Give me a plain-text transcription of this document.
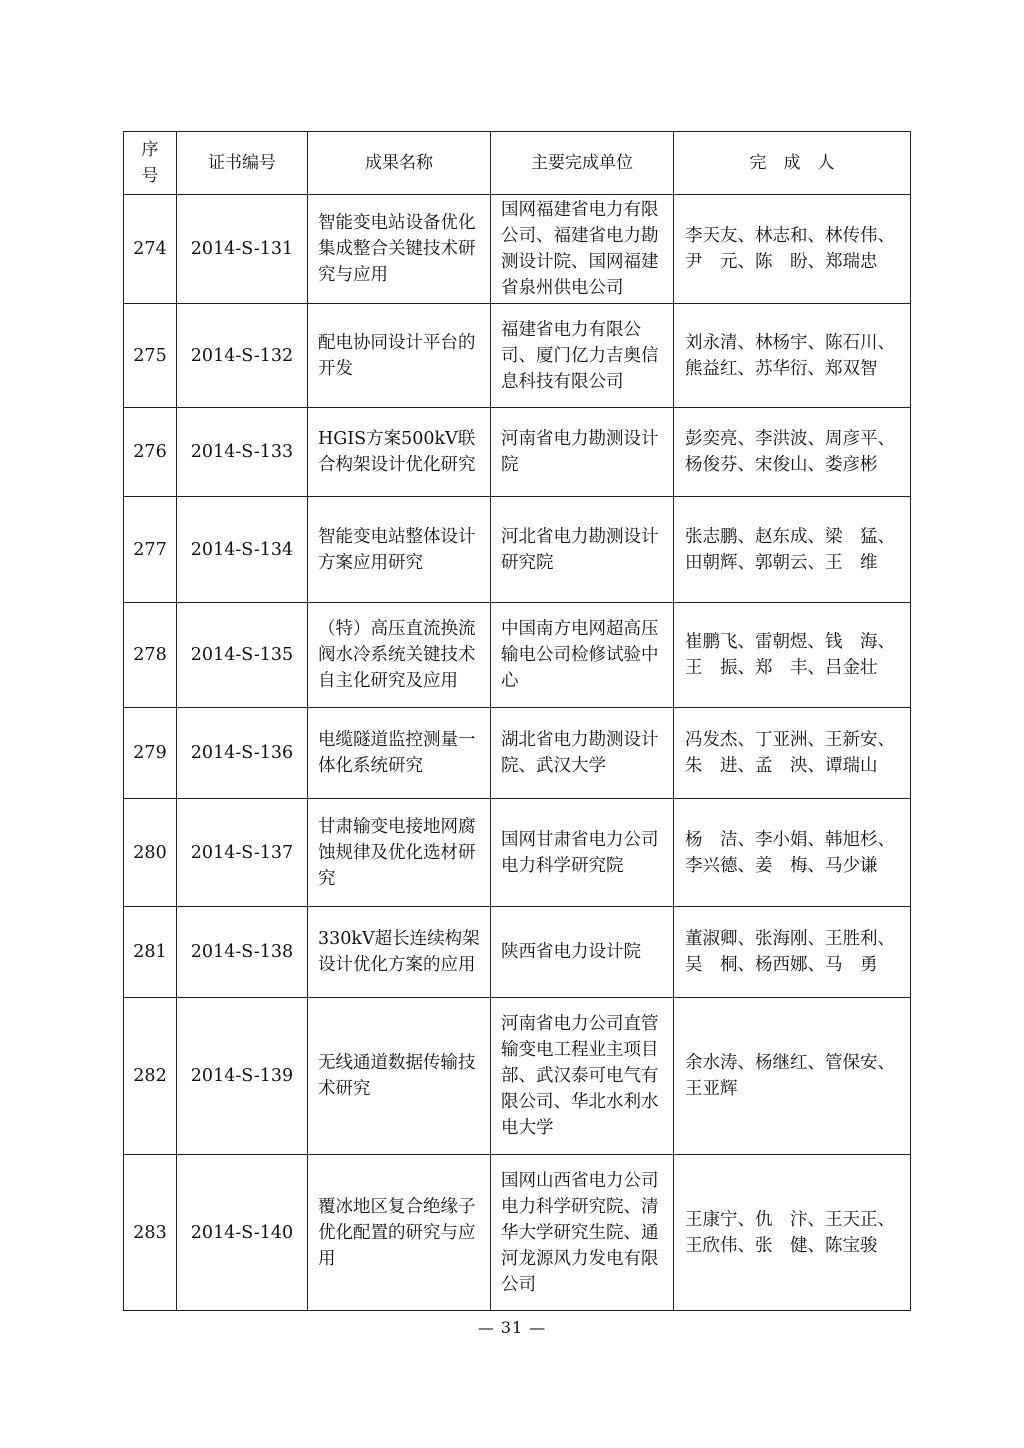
序
号	证书编号	成果名称	主要完成单位	完　成　人
274	2014-S-131	智能变电站设备优化集成整合关键技术研究与应用	国网福建省电力有限公司、福建省电力勘测设计院、国网福建省泉州供电公司	李天友、林志和、林传伟、尹　元、陈　盼、郑瑞忠
275	2014-S-132	配电协同设计平台的开发	福建省电力有限公司、厦门亿力吉奥信息科技有限公司	刘永清、林杨宇、陈石川、熊益红、苏华衍、郑双智
276	2014-S-133	HGIS方案500kV联合构架设计优化研究	河南省电力勘测设计院	彭奕亮、李洪波、周彦平、杨俊芬、宋俊山、娄彦彬
277	2014-S-134	智能变电站整体设计方案应用研究	河北省电力勘测设计研究院	张志鹏、赵东成、梁　猛、田朝辉、郭朝云、王　维
278	2014-S-135	（特）高压直流换流阀水冷系统关键技术自主化研究及应用	中国南方电网超高压输电公司检修试验中心	崔鹏飞、雷朝煜、钱　海、王　振、郑　丰、吕金壮
279	2014-S-136	电缆隧道监控测量一体化系统研究	湖北省电力勘测设计院、武汉大学	冯发杰、丁亚洲、王新安、朱　进、孟　泱、谭瑞山
280	2014-S-137	甘肃输变电接地网腐蚀规律及优化选材研究	国网甘肃省电力公司电力科学研究院	杨　洁、李小娟、韩旭杉、李兴德、姜　梅、马少谦
281	2014-S-138	330kV超长连续构架设计优化方案的应用	陕西省电力设计院	董淑卿、张海刚、王胜利、吴　桐、杨西娜、马　勇
282	2014-S-139	无线通道数据传输技术研究	河南省电力公司直管输变电工程业主项目部、武汉泰可电气有限公司、华北水利水电大学	余水涛、杨继红、管保安、王亚辉
283	2014-S-140	覆冰地区复合绝缘子优化配置的研究与应用	国网山西省电力公司电力科学研究院、清华大学研究生院、通河龙源风力发电有限公司	王康宁、仇　汴、王天正、王欣伟、张　健、陈宝骏
— 31 —
